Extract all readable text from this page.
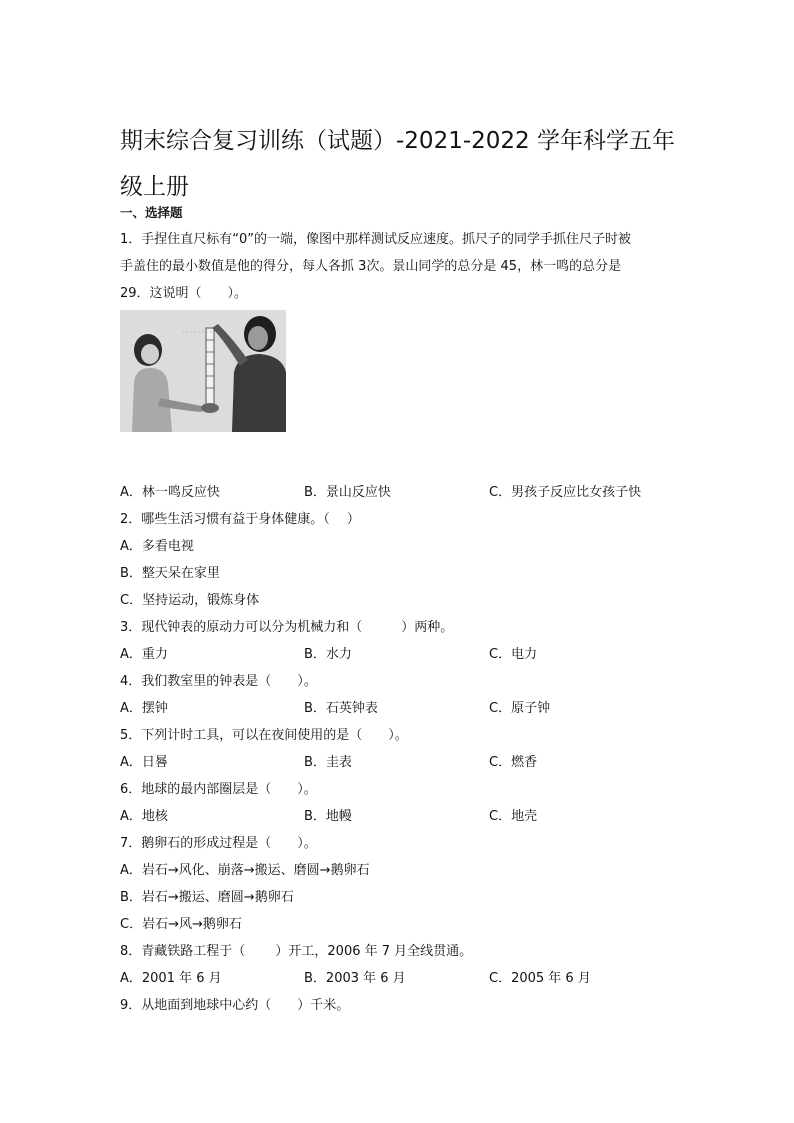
期末综合复习训练（试题）-2021-2022 学年科学五年级上册
一、选择题
1．手捏住直尺标有“0”的一端，像图中那样测试反应速度。抓尺子的同学手抓住尺子时被
手盖住的最小数值是他的得分，每人各抓 3次。景山同学的总分是 45，林一鸣的总分是
29．这说明（　　）。
A．林一鸣反应快	B．景山反应快	C．男孩子反应比女孩子快
2．哪些生活习惯有益于身体健康。（　 ）
A．多看电视
B．整天呆在家里
C．坚持运动，锻炼身体
3．现代钟表的原动力可以分为机械力和（　　　）两种。
A．重力	B．水力	C．电力
4．我们教室里的钟表是（　　）。
A．摆钟	B．石英钟表	C．原子钟
5．下列计时工具，可以在夜间使用的是（　　）。
A．日晷	B．圭表	C．燃香
6．地球的最内部圈层是（　　）。
A．地核	B．地幔	C．地壳
7．鹅卵石的形成过程是（　　）。
A．岩石→风化、崩落→搬运、磨圆→鹅卵石
B．岩石→搬运、磨圆→鹅卵石
C．岩石→风→鹅卵石
8．青藏铁路工程于（　　 ）开工，2006 年 7 月全线贯通。
A．2001 年 6 月	B．2003 年 6 月	C．2005 年 6 月
9．从地面到地球中心约（　　）千米。
